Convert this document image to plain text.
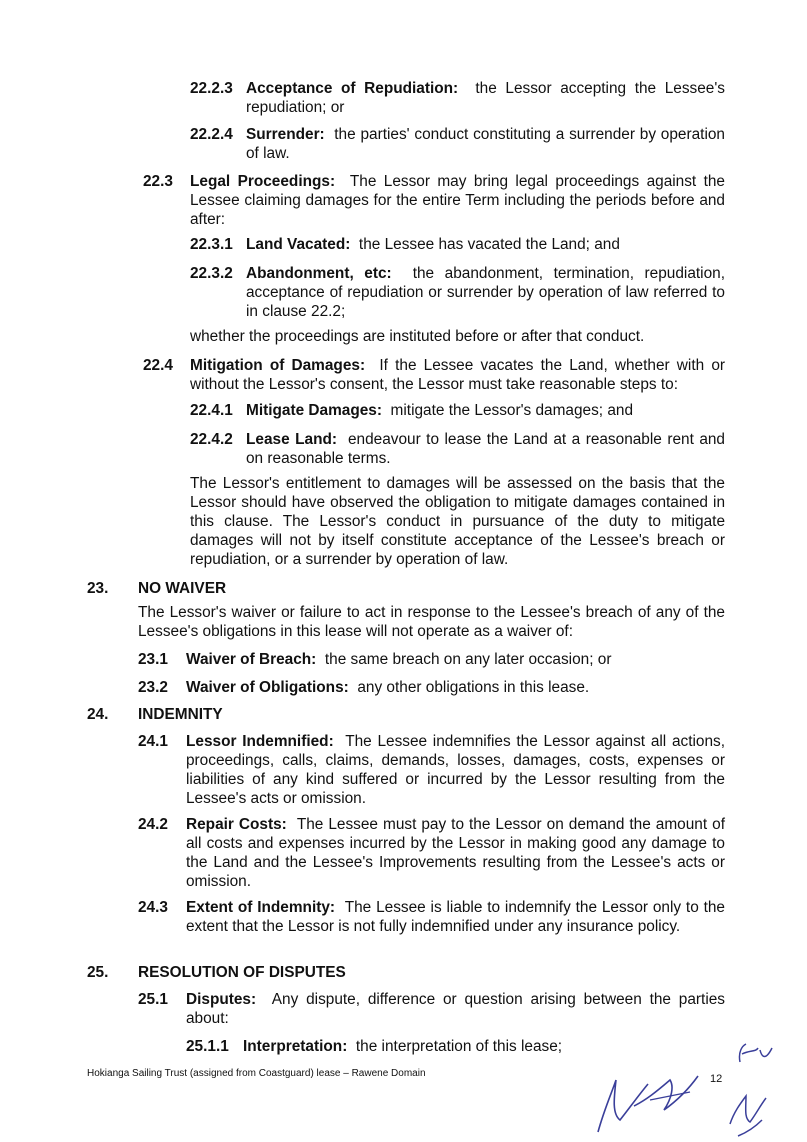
22.2.3 Acceptance of Repudiation: the Lessor accepting the Lessee's repudiation; or
22.2.4 Surrender: the parties' conduct constituting a surrender by operation of law.
22.3 Legal Proceedings: The Lessor may bring legal proceedings against the Lessee claiming damages for the entire Term including the periods before and after:
22.3.1 Land Vacated: the Lessee has vacated the Land; and
22.3.2 Abandonment, etc: the abandonment, termination, repudiation, acceptance of repudiation or surrender by operation of law referred to in clause 22.2;
whether the proceedings are instituted before or after that conduct.
22.4 Mitigation of Damages: If the Lessee vacates the Land, whether with or without the Lessor's consent, the Lessor must take reasonable steps to:
22.4.1 Mitigate Damages: mitigate the Lessor's damages; and
22.4.2 Lease Land: endeavour to lease the Land at a reasonable rent and on reasonable terms.
The Lessor's entitlement to damages will be assessed on the basis that the Lessor should have observed the obligation to mitigate damages contained in this clause. The Lessor's conduct in pursuance of the duty to mitigate damages will not by itself constitute acceptance of the Lessee's breach or repudiation, or a surrender by operation of law.
23. NO WAIVER
The Lessor's waiver or failure to act in response to the Lessee's breach of any of the Lessee's obligations in this lease will not operate as a waiver of:
23.1 Waiver of Breach: the same breach on any later occasion; or
23.2 Waiver of Obligations: any other obligations in this lease.
24. INDEMNITY
24.1 Lessor Indemnified: The Lessee indemnifies the Lessor against all actions, proceedings, calls, claims, demands, losses, damages, costs, expenses or liabilities of any kind suffered or incurred by the Lessor resulting from the Lessee's acts or omission.
24.2 Repair Costs: The Lessee must pay to the Lessor on demand the amount of all costs and expenses incurred by the Lessor in making good any damage to the Land and the Lessee's Improvements resulting from the Lessee's acts or omission.
24.3 Extent of Indemnity: The Lessee is liable to indemnify the Lessor only to the extent that the Lessor is not fully indemnified under any insurance policy.
25. RESOLUTION OF DISPUTES
25.1 Disputes: Any dispute, difference or question arising between the parties about:
25.1.1 Interpretation: the interpretation of this lease;
Hokianga Sailing Trust (assigned from Coastguard) lease – Rawene Domain	12
